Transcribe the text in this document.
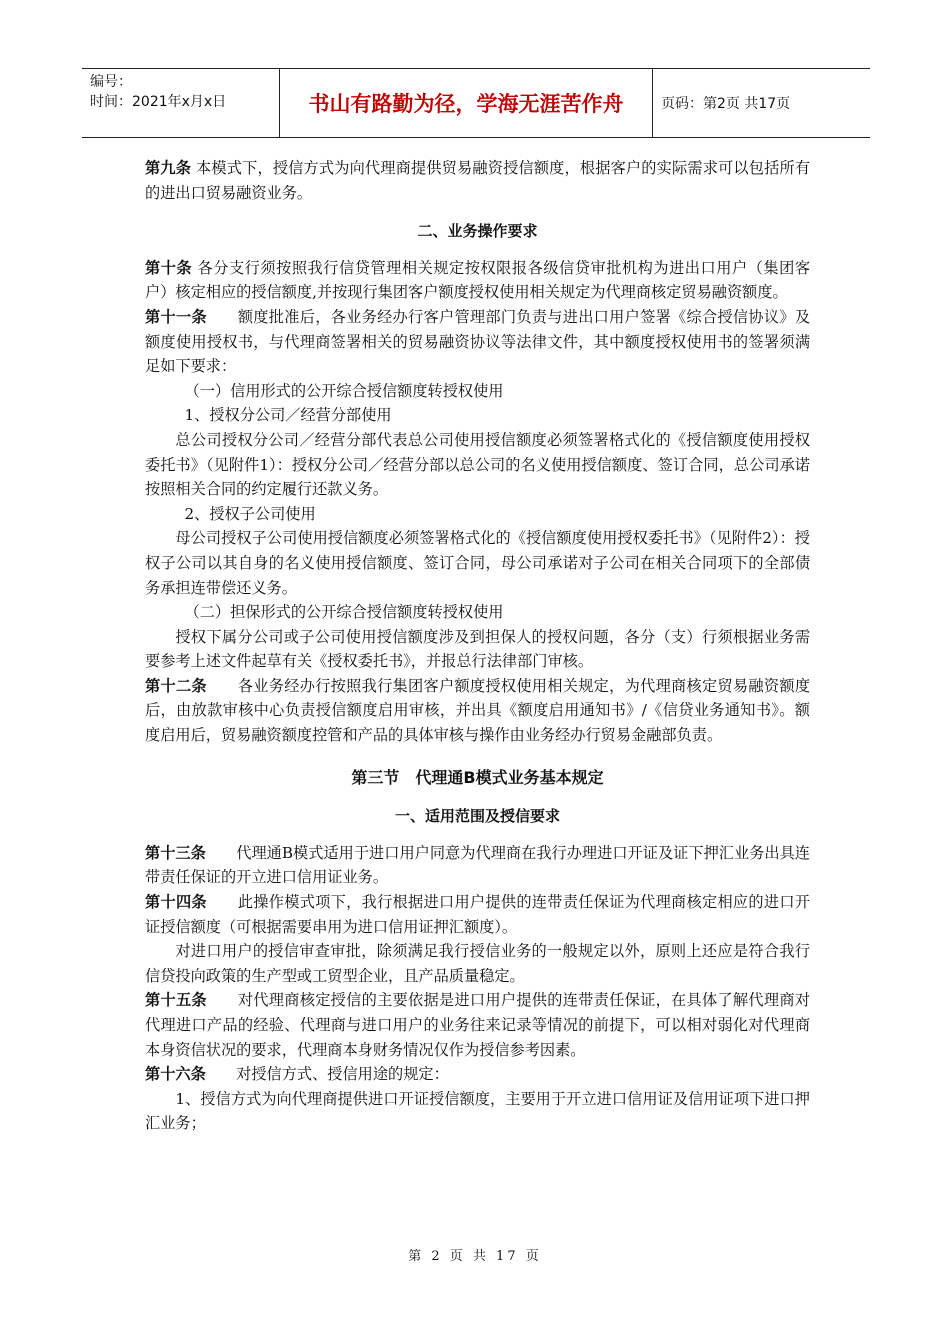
编号：
时间：2021年x月x日	书山有路勤为径，学海无涯苦作舟	页码：第2页 共17页

第九条 本模式下，授信方式为向代理商提供贸易融资授信额度，根据客户的实际需求可以包括所有的进出口贸易融资业务。

二、业务操作要求

第十条 各分支行须按照我行信贷管理相关规定按权限报各级信贷审批机构为进出口用户（集团客户）核定相应的授信额度,并按现行集团客户额度授权使用相关规定为代理商核定贸易融资额度。

第十一条　　额度批准后，各业务经办行客户管理部门负责与进出口用户签署《综合授信协议》及额度使用授权书，与代理商签署相关的贸易融资协议等法律文件，其中额度授权使用书的签署须满足如下要求：

（一）信用形式的公开综合授信额度转授权使用

1、授权分公司／经营分部使用

总公司授权分公司／经营分部代表总公司使用授信额度必须签署格式化的《授信额度使用授权委托书》（见附件1）：授权分公司／经营分部以总公司的名义使用授信额度、签订合同，总公司承诺按照相关合同的约定履行还款义务。

2、授权子公司使用

母公司授权子公司使用授信额度必须签署格式化的《授信额度使用授权委托书》（见附件2）：授权子公司以其自身的名义使用授信额度、签订合同，母公司承诺对子公司在相关合同项下的全部债务承担连带偿还义务。

（二）担保形式的公开综合授信额度转授权使用

授权下属分公司或子公司使用授信额度涉及到担保人的授权问题，各分（支）行须根据业务需要参考上述文件起草有关《授权委托书》，并报总行法律部门审核。

第十二条　　各业务经办行按照我行集团客户额度授权使用相关规定，为代理商核定贸易融资额度后，由放款审核中心负责授信额度启用审核，并出具《额度启用通知书》/《信贷业务通知书》。额度启用后，贸易融资额度控管和产品的具体审核与操作由业务经办行贸易金融部负责。

第三节　代理通B模式业务基本规定
一、适用范围及授信要求

第十三条　　代理通B模式适用于进口用户同意为代理商在我行办理进口开证及证下押汇业务出具连带责任保证的开立进口信用证业务。

第十四条　　此操作模式项下，我行根据进口用户提供的连带责任保证为代理商核定相应的进口开证授信额度（可根据需要串用为进口信用证押汇额度）。

对进口用户的授信审查审批，除须满足我行授信业务的一般规定以外，原则上还应是符合我行信贷投向政策的生产型或工贸型企业，且产品质量稳定。

第十五条　　对代理商核定授信的主要依据是进口用户提供的连带责任保证，在具体了解代理商对代理进口产品的经验、代理商与进口用户的业务往来记录等情况的前提下，可以相对弱化对代理商本身资信状况的要求，代理商本身财务情况仅作为授信参考因素。

第十六条　　对授信方式、授信用途的规定：

1、授信方式为向代理商提供进口开证授信额度，主要用于开立进口信用证及信用证项下进口押汇业务；

第 2 页 共 17 页
